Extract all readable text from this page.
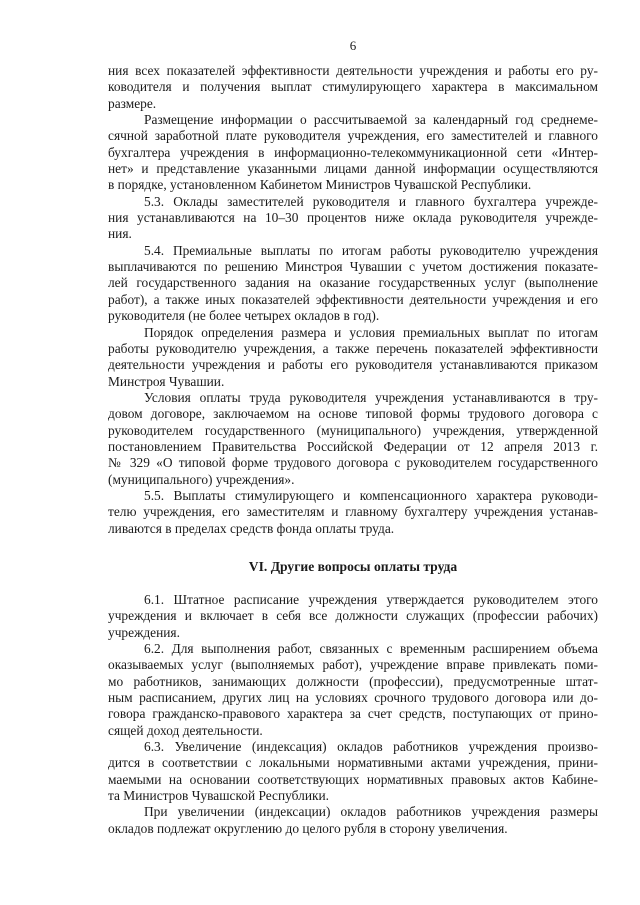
6

ния всех показателей эффективности деятельности учреждения и работы его ру-
ководителя и получения выплат стимулирующего характера в максимальном
размере.

Размещение информации о рассчитываемой за календарный год среднеме-
сячной заработной плате руководителя учреждения, его заместителей и главного
бухгалтера учреждения в информационно-телекоммуникационной сети «Интер-
нет» и представление указанными лицами данной информации осуществляются
в порядке, установленном Кабинетом Министров Чувашской Республики.

5.3. Оклады заместителей руководителя и главного бухгалтера учрежде-
ния устанавливаются на 10–30 процентов ниже оклада руководителя учрежде-
ния.

5.4. Премиальные выплаты по итогам работы руководителю учреждения
выплачиваются по решению Минстроя Чувашии с учетом достижения показате-
лей государственного задания на оказание государственных услуг (выполнение
работ), а также иных показателей эффективности деятельности учреждения и его
руководителя (не более четырех окладов в год).

Порядок определения размера и условия премиальных выплат по итогам
работы руководителю учреждения, а также перечень показателей эффективности
деятельности учреждения и работы его руководителя устанавливаются приказом
Минстроя Чувашии.

Условия оплаты труда руководителя учреждения устанавливаются в тру-
довом договоре, заключаемом на основе типовой формы трудового договора с
руководителем государственного (муниципального) учреждения, утвержденной
постановлением Правительства Российской Федерации от 12 апреля 2013 г.
№ 329 «О типовой форме трудового договора с руководителем государственного
(муниципального) учреждения».

5.5. Выплаты стимулирующего и компенсационного характера руководи-
телю учреждения, его заместителям и главному бухгалтеру учреждения устанав-
ливаются в пределах средств фонда оплаты труда.

VI. Другие вопросы оплаты труда

6.1. Штатное расписание учреждения утверждается руководителем этого
учреждения и включает в себя все должности служащих (профессии рабочих)
учреждения.

6.2. Для выполнения работ, связанных с временным расширением объема
оказываемых услуг (выполняемых работ), учреждение вправе привлекать поми-
мо работников, занимающих должности (профессии), предусмотренные штат-
ным расписанием, других лиц на условиях срочного трудового договора или до-
говора гражданско-правового характера за счет средств, поступающих от прино-
сящей доход деятельности.

6.3. Увеличение (индексация) окладов работников учреждения произво-
дится в соответствии с локальными нормативными актами учреждения, прини-
маемыми на основании соответствующих нормативных правовых актов Кабине-
та Министров Чувашской Республики.

При увеличении (индексации) окладов работников учреждения размеры
окладов подлежат округлению до целого рубля в сторону увеличения.
